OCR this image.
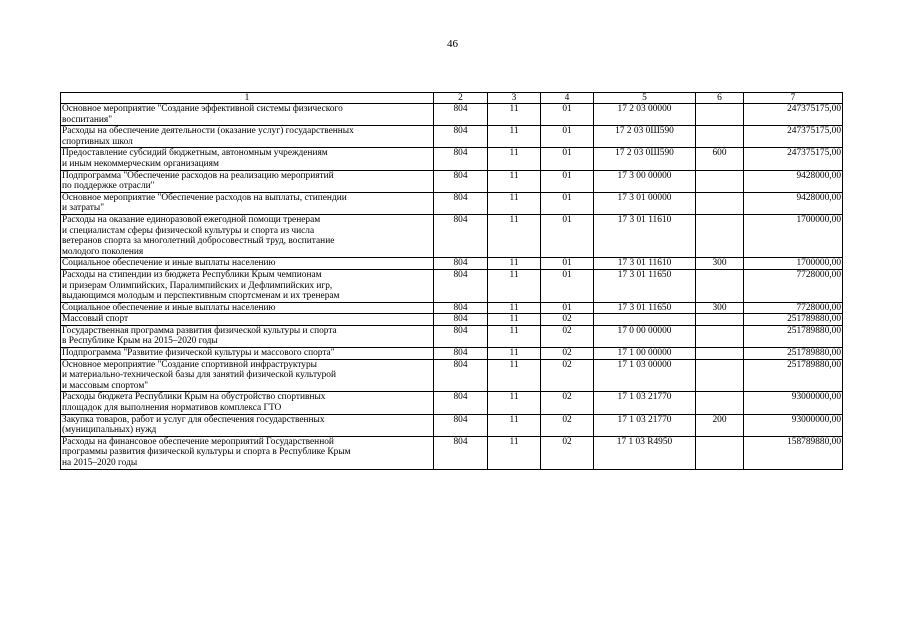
46
1	2	3	4	5	6	7

Основное мероприятие "Создание эффективной системы физического
воспитания"	804	11	01	17 2 03 00000		247375175,00

Расходы на обеспечение деятельности (оказание услуг) государственных
спортивных школ	804	11	01	17 2 03 0Ш590		247375175,00

Предоставление субсидий бюджетным, автономным учреждениям
и иным некоммерческим организациям	804	11	01	17 2 03 0Ш590	600	247375175,00

Подпрограмма "Обеспечение расходов на реализацию мероприятий
по поддержке отрасли"	804	11	01	17 3 00 00000		9428000,00

Основное мероприятие "Обеспечение расходов на выплаты, стипендии
и затраты"	804	11	01	17 3 01 00000		9428000,00

Расходы на оказание единоразовой ежегодной помощи тренерам
и специалистам сферы физической культуры и спорта из числа
ветеранов спорта за многолетний добросовестный труд, воспитание
молодого поколения	804	11	01	17 3 01 11610		1700000,00

Социальное обеспечение и иные выплаты населению	804	11	01	17 3 01 11610	300	1700000,00

Расходы на стипендии из бюджета Республики Крым чемпионам
и призерам Олимпийских, Паралимпийских и Дефлимпийских игр,
выдающимся молодым и перспективным спортсменам и их тренерам	804	11	01	17 3 01 11650		7728000,00

Социальное обеспечение и иные выплаты населению	804	11	01	17 3 01 11650	300	7728000,00

Массовый спорт	804	11	02			251789880,00

Государственная программа развития физической культуры и спорта
в Республике Крым на 2015–2020 годы	804	11	02	17 0 00 00000		251789880,00

Подпрограмма "Развитие физической культуры и массового спорта"	804	11	02	17 1 00 00000		251789880,00

Основное мероприятие "Создание спортивной инфраструктуры
и материально-технической базы для занятий физической культурой
и массовым спортом"	804	11	02	17 1 03 00000		251789880,00

Расходы бюджета Республики Крым на обустройство спортивных
площадок для выполнения нормативов комплекса ГТО	804	11	02	17 1 03 21770		93000000,00

Закупка товаров, работ и услуг для обеспечения государственных
(муниципальных) нужд	804	11	02	17 1 03 21770	200	93000000,00

Расходы на финансовое обеспечение мероприятий Государственной
программы развития физической культуры и спорта в Республике Крым
на 2015–2020 годы	804	11	02	17 1 03 R4950		158789880,00
